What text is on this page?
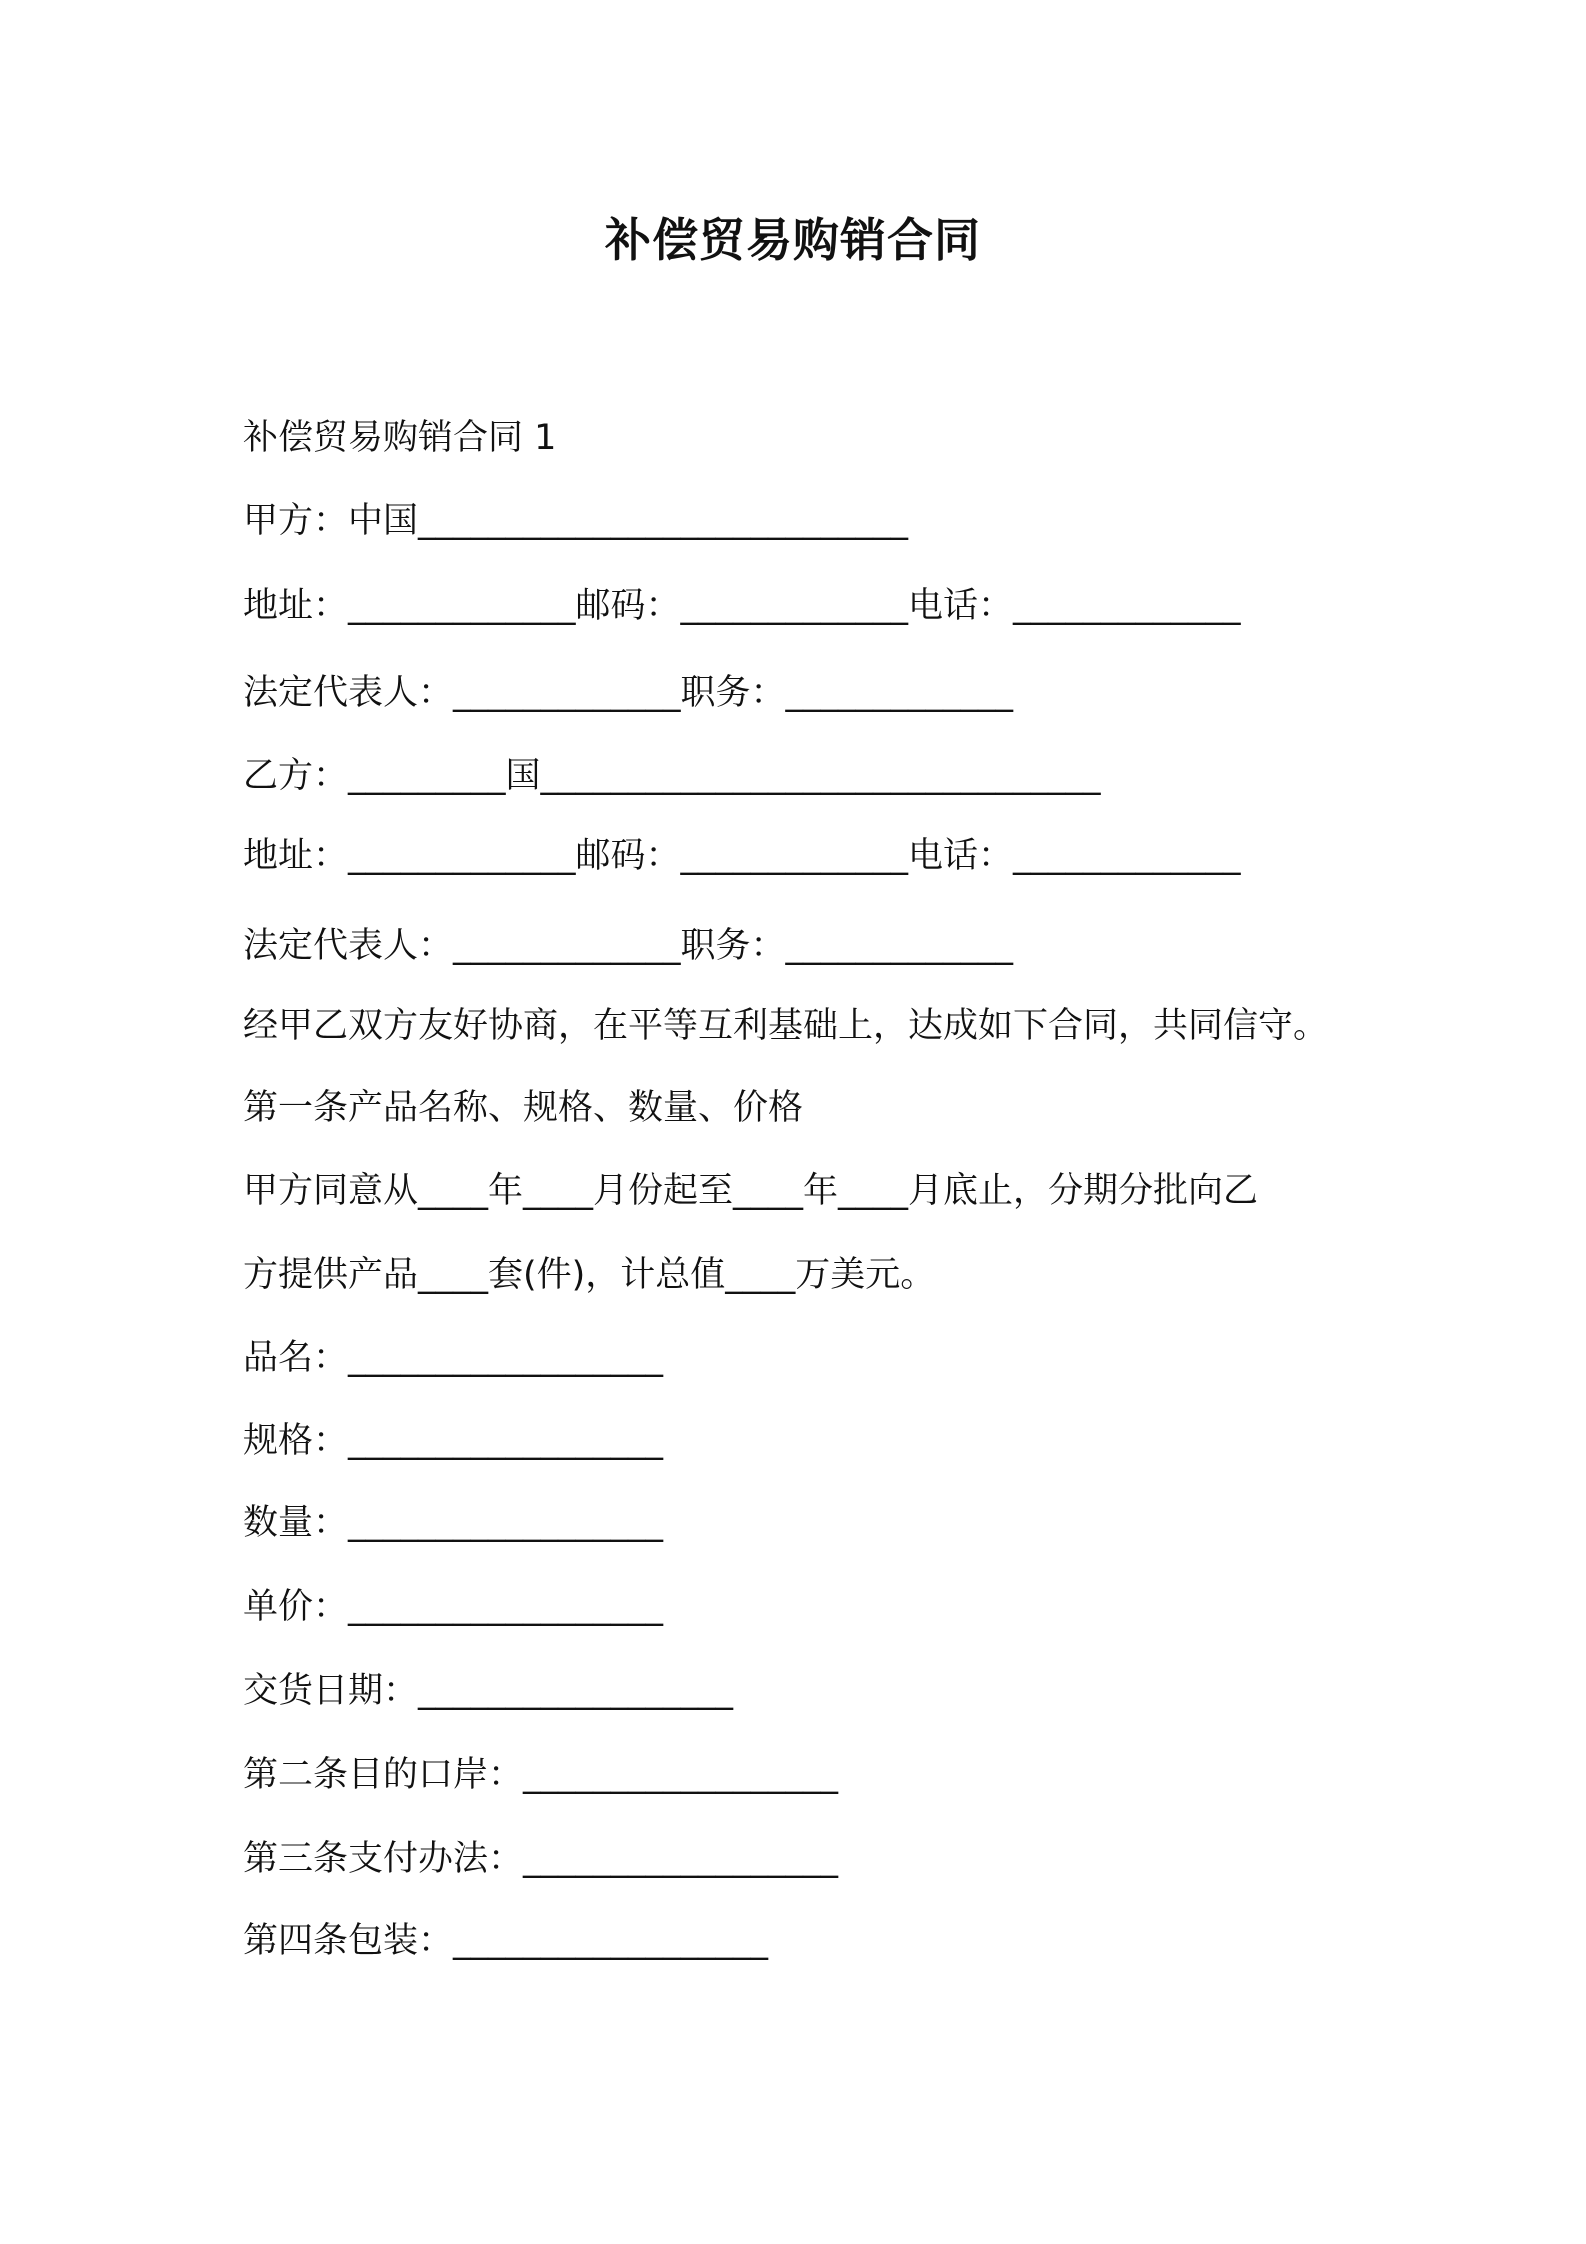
补偿贸易购销合同

补偿贸易购销合同 1

甲方：中国____________________________

地址：_____________邮码：_____________电话：_____________

法定代表人：_____________职务：_____________

乙方：_________国________________________________

地址：_____________邮码：_____________电话：_____________

法定代表人：_____________职务：_____________

经甲乙双方友好协商，在平等互利基础上，达成如下合同，共同信守。

第一条产品名称、规格、数量、价格

甲方同意从____年____月份起至____年____月底止，分期分批向乙

方提供产品____套(件)，计总值____万美元。

品名：__________________

规格：__________________

数量：__________________

单价：__________________

交货日期：__________________

第二条目的口岸：__________________

第三条支付办法：__________________

第四条包装：__________________
